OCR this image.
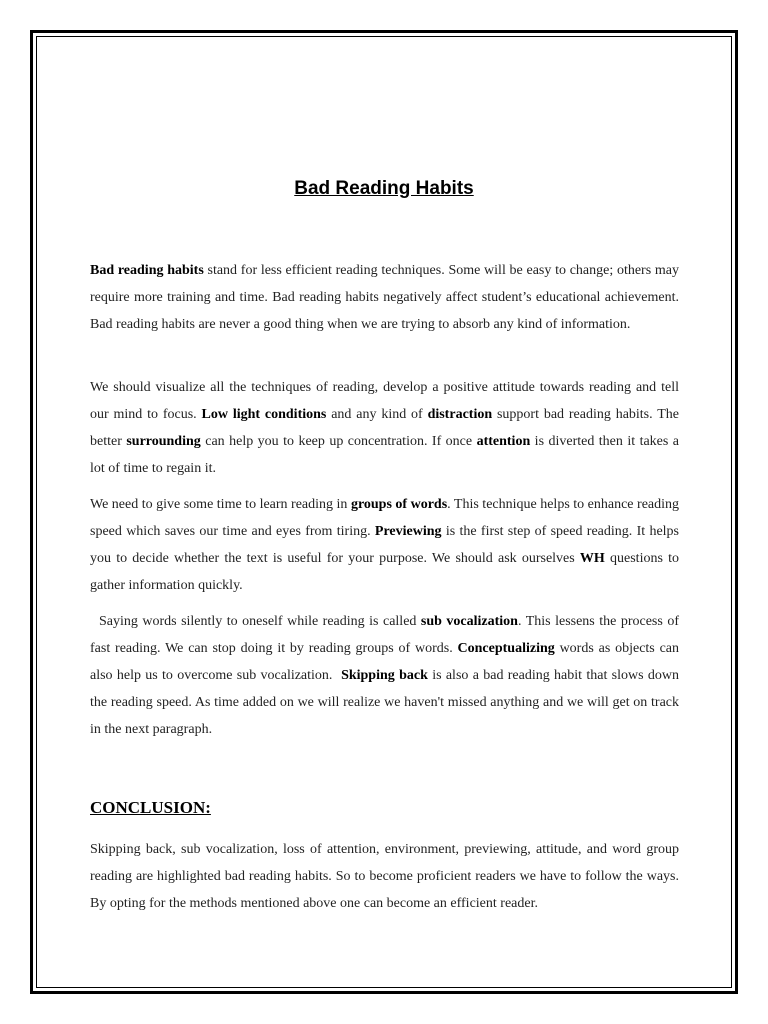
Bad Reading Habits

Bad reading habits stand for less efficient reading techniques. Some will be easy to change; others may require more training and time. Bad reading habits negatively affect student’s educational achievement. Bad reading habits are never a good thing when we are trying to absorb any kind of information.

We should visualize all the techniques of reading, develop a positive attitude towards reading and tell our mind to focus. Low light conditions and any kind of distraction support bad reading habits. The better surrounding can help you to keep up concentration. If once attention is diverted then it takes a lot of time to regain it.

We need to give some time to learn reading in groups of words. This technique helps to enhance reading speed which saves our time and eyes from tiring. Previewing is the first step of speed reading. It helps you to decide whether the text is useful for your purpose. We should ask ourselves WH questions to gather information quickly.

Saying words silently to oneself while reading is called sub vocalization. This lessens the process of fast reading. We can stop doing it by reading groups of words. Conceptualizing words as objects can also help us to overcome sub vocalization.  Skipping back is also a bad reading habit that slows down the reading speed. As time added on we will realize we haven't missed anything and we will get on track in the next paragraph.

CONCLUSION:

Skipping back, sub vocalization, loss of attention, environment, previewing, attitude, and word group reading are highlighted bad reading habits. So to become proficient readers we have to follow the ways. By opting for the methods mentioned above one can become an efficient reader.
